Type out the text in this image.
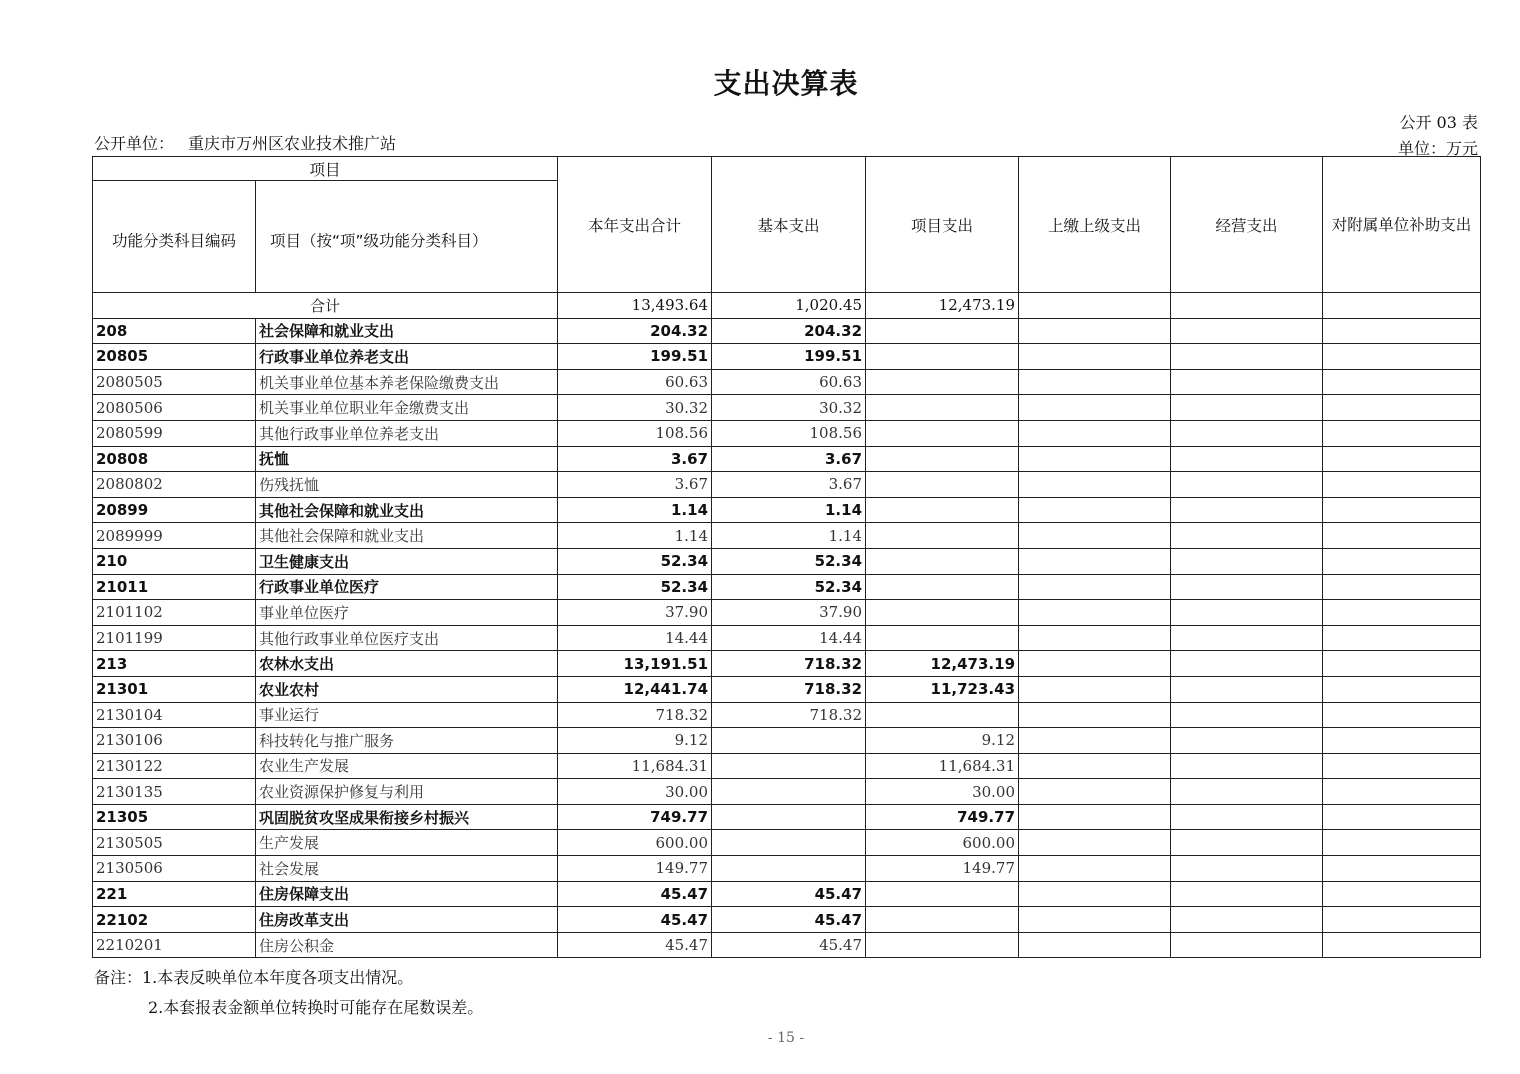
支出决算表
公开 03 表
单位：万元
公开单位： 重庆市万州区农业技术推广站
项目		本年支出合计	基本支出	项目支出	上缴上级支出	经营支出	对附属单位补助支出
功能分类科目编码	项目（按“项”级功能分类科目）						
合计		13,493.64	1,020.45	12,473.19			
208	社会保障和就业支出	204.32	204.32				
20805	行政事业单位养老支出	199.51	199.51				
2080505	机关事业单位基本养老保险缴费支出	60.63	60.63				
2080506	机关事业单位职业年金缴费支出	30.32	30.32				
2080599	其他行政事业单位养老支出	108.56	108.56				
20808	抚恤	3.67	3.67				
2080802	伤残抚恤	3.67	3.67				
20899	其他社会保障和就业支出	1.14	1.14				
2089999	其他社会保障和就业支出	1.14	1.14				
210	卫生健康支出	52.34	52.34				
21011	行政事业单位医疗	52.34	52.34				
2101102	事业单位医疗	37.90	37.90				
2101199	其他行政事业单位医疗支出	14.44	14.44				
213	农林水支出	13,191.51	718.32	12,473.19			
21301	农业农村	12,441.74	718.32	11,723.43			
2130104	事业运行	718.32	718.32				
2130106	科技转化与推广服务	9.12		9.12			
2130122	农业生产发展	11,684.31		11,684.31			
2130135	农业资源保护修复与利用	30.00		30.00			
21305	巩固脱贫攻坚成果衔接乡村振兴	749.77		749.77			
2130505	生产发展	600.00		600.00			
2130506	社会发展	149.77		149.77			
221	住房保障支出	45.47	45.47				
22102	住房改革支出	45.47	45.47				
2210201	住房公积金	45.47	45.47				
备注：1.本表反映单位本年度各项支出情况。
2.本套报表金额单位转换时可能存在尾数误差。
- 15 -
